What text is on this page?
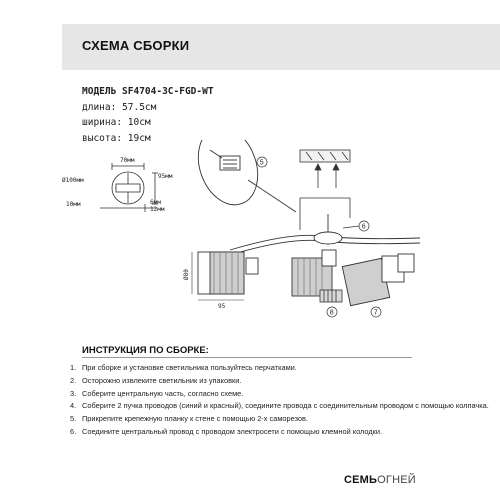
СХЕМА СБОРКИ
МОДЕЛЬ SF4704-3C-FGD-WT
длина: 57.5см
ширина: 10см
высота: 19см
70мм
Ø100мм
95мм
10мм	6мм
12мм
5
6
95
Ø80
7
8
ИНСТРУКЦИЯ ПО СБОРКЕ:
1. При сборке и установке светильника пользуйтесь перчатками.
2. Осторожно извлеките светильник из упаковки.
3. Соберите центральную часть, согласно схеме.
4. Соберите 2 пучка проводов (синий и красный), соедините провода с соединительным проводом с помощью колпачка.
5. Прикрепите крепежную планку к стене с помощью 2-х саморезов.
6. Соедините центральный провод с проводом электросети с помощью клемной колодки.
СЕМЬОГНЕЙ
